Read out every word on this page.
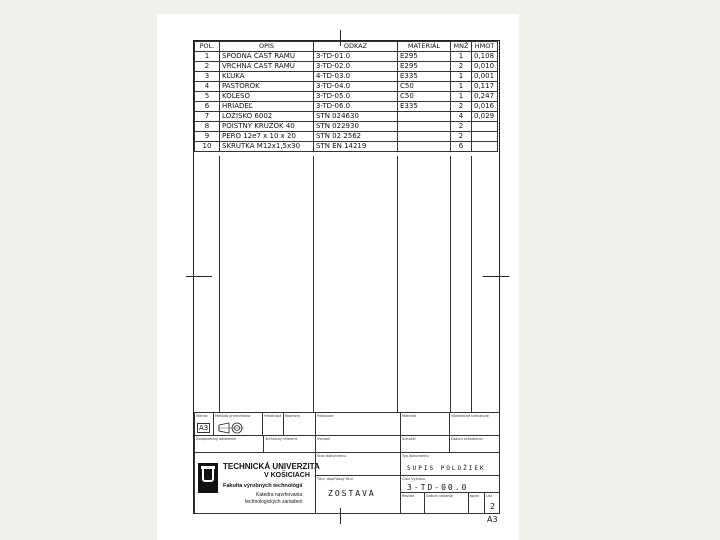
POL.	OPIS	ODKAZ	MATERIÁL	MNŽ	HMOT
1	SPODNÁ ČASŤ RÁMU	3-TD-01.0	E295	1	0,108
2	VRCHNÁ ČASŤ RÁMU	3-TD-02.0	E295	2	0,010
3	KĽUKA	4-TD-03.0	E335	1	0,001
4	PASTOROK	3-TD-04.0	C50	1	0,117
5	KOLESO	3-TD-05.0	C50	1	0,247
6	HRIADEĽ	3-TD-06.0	E335	2	0,016
7	LOŽISKO 6002	STN 024630		4	0,029
8	POISTNÝ KRÚŽOK 40	STN 022930		2	
9	PERO 12e7 x 10 x 20	STN 02 2562		2	
10	SKRUTKA M12x1,5x30	STN EN 14219		6	
Mierka
A3
Metóda premietania	Hmotnosť Rozmery	Polotovar	Materiál	Všeobecné tolerancie
Zodpovedný oddelenie	Technický referent	Vytvoril	Schválil	Dátum schválenia
TECHNICKÁ UNIVERZITA
V KOŠICIACH
Fakulta výrobných technológií
Katedra navrhovania
technologických zariadení
Stav dokumentu	Typ dokumentu
SUPIS POLOŽIEK
Titul, doplňkový titul
ZOSTAVA
Číslo výkresu
3-TD-00.0
Revízia	Dátum vydania	Jazyk List
2
A3
